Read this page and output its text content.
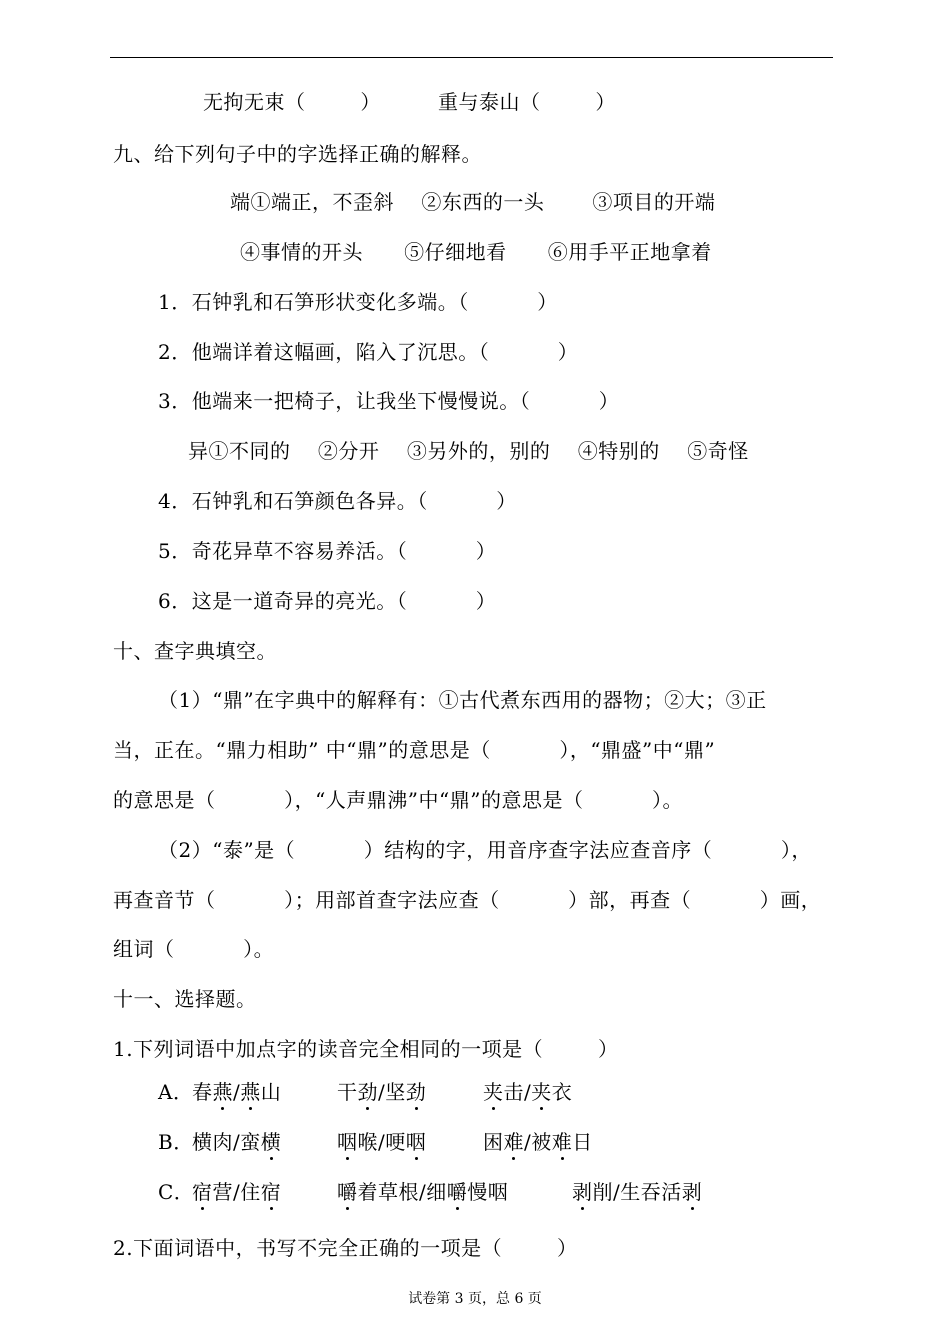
无拘无束（        ）	重与泰山（        ）
九、给下列句子中的字选择正确的解释。
端①端正，不歪斜    ②东西的一头       ③项目的开端
④事情的开头      ⑤仔细地看      ⑥用手平正地拿着
1．石钟乳和石笋形状变化多端。（          ）
2．他端详着这幅画，陷入了沉思。（          ）
3．他端来一把椅子，让我坐下慢慢说。（          ）
异①不同的    ②分开    ③另外的，别的    ④特别的    ⑤奇怪
4．石钟乳和石笋颜色各异。（          ）
5．奇花异草不容易养活。（          ）
6．这是一道奇异的亮光。（          ）
十、查字典填空。
（1）“鼎”在字典中的解释有：①古代煮东西用的器物；②大；③正
当，正在。“鼎力相助” 中“鼎”的意思是（          ），“鼎盛”中“鼎”
的意思是（          ），“人声鼎沸”中“鼎”的意思是（          ）。
（2）“泰”是（          ）结构的字，用音序查字法应查音序（          ），
再查音节（          ）；用部首查字法应查（          ）部，再查（          ）画，
组词（          ）。
十一、选择题。
1.下列词语中加点字的读音完全相同的一项是（        ）
A．
春燕/燕山	干劲/坚劲	夹击/夹衣
B．
横肉/蛮横	咽喉/哽咽	困难/被难日
C．
宿营/住宿	嚼着草根/细嚼慢咽	剥削/生吞活剥
2.下面词语中，书写不完全正确的一项是（        ）
试卷第 3 页，总 6 页
